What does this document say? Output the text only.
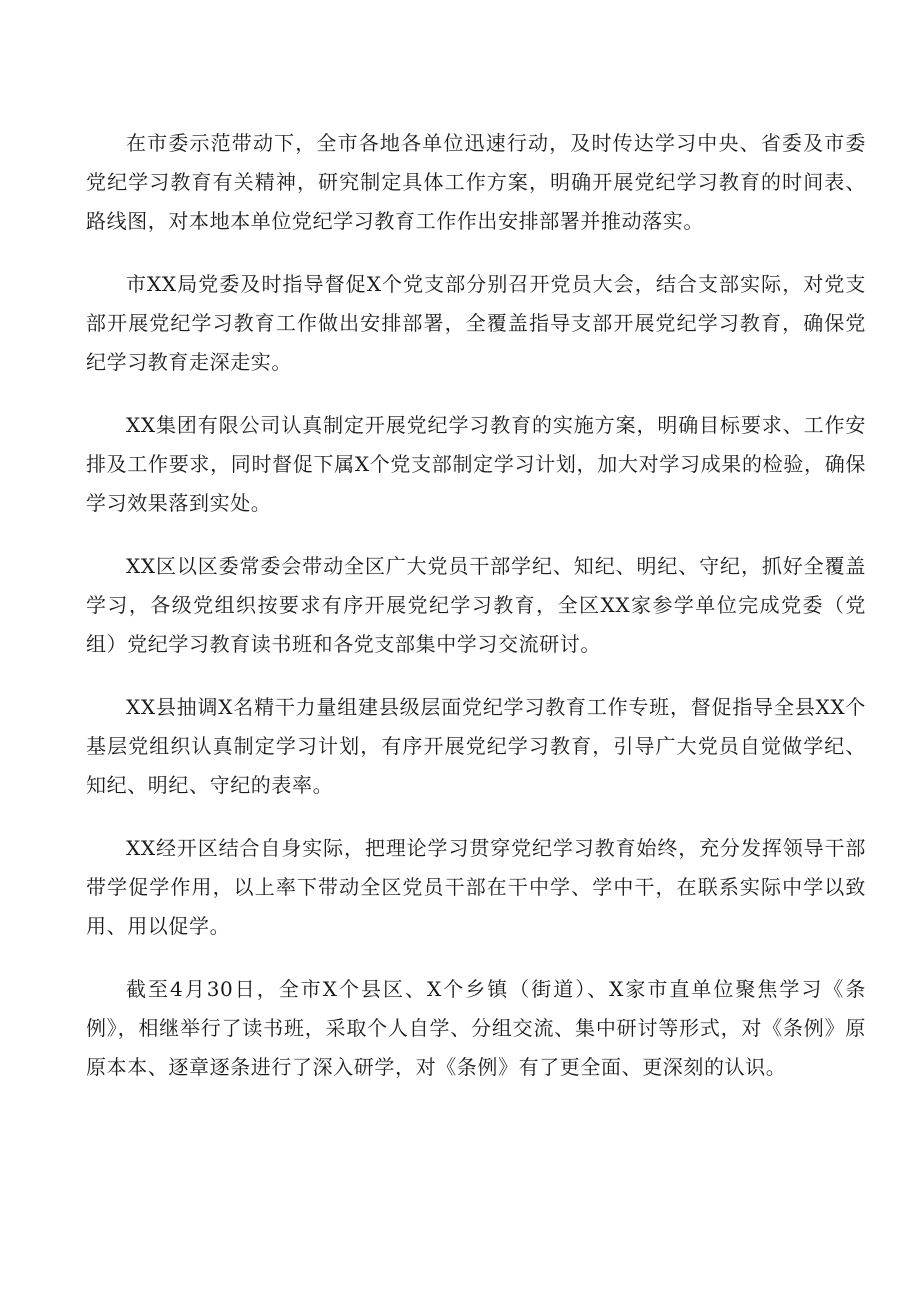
在市委示范带动下，全市各地各单位迅速行动，及时传达学习中央、省委及市委党纪学习教育有关精神，研究制定具体工作方案，明确开展党纪学习教育的时间表、路线图，对本地本单位党纪学习教育工作作出安排部署并推动落实。

市XX局党委及时指导督促X个党支部分别召开党员大会，结合支部实际，对党支部开展党纪学习教育工作做出安排部署，全覆盖指导支部开展党纪学习教育，确保党纪学习教育走深走实。

XX集团有限公司认真制定开展党纪学习教育的实施方案，明确目标要求、工作安排及工作要求，同时督促下属X个党支部制定学习计划，加大对学习成果的检验，确保学习效果落到实处。

XX区以区委常委会带动全区广大党员干部学纪、知纪、明纪、守纪，抓好全覆盖学习，各级党组织按要求有序开展党纪学习教育，全区XX家参学单位完成党委（党组）党纪学习教育读书班和各党支部集中学习交流研讨。

XX县抽调X名精干力量组建县级层面党纪学习教育工作专班，督促指导全县XX个基层党组织认真制定学习计划，有序开展党纪学习教育，引导广大党员自觉做学纪、知纪、明纪、守纪的表率。

XX经开区结合自身实际，把理论学习贯穿党纪学习教育始终，充分发挥领导干部带学促学作用，以上率下带动全区党员干部在干中学、学中干，在联系实际中学以致用、用以促学。

截至4月30日，全市X个县区、X个乡镇（街道）、X家市直单位聚焦学习《条例》，相继举行了读书班，采取个人自学、分组交流、集中研讨等形式，对《条例》原原本本、逐章逐条进行了深入研学，对《条例》有了更全面、更深刻的认识。
